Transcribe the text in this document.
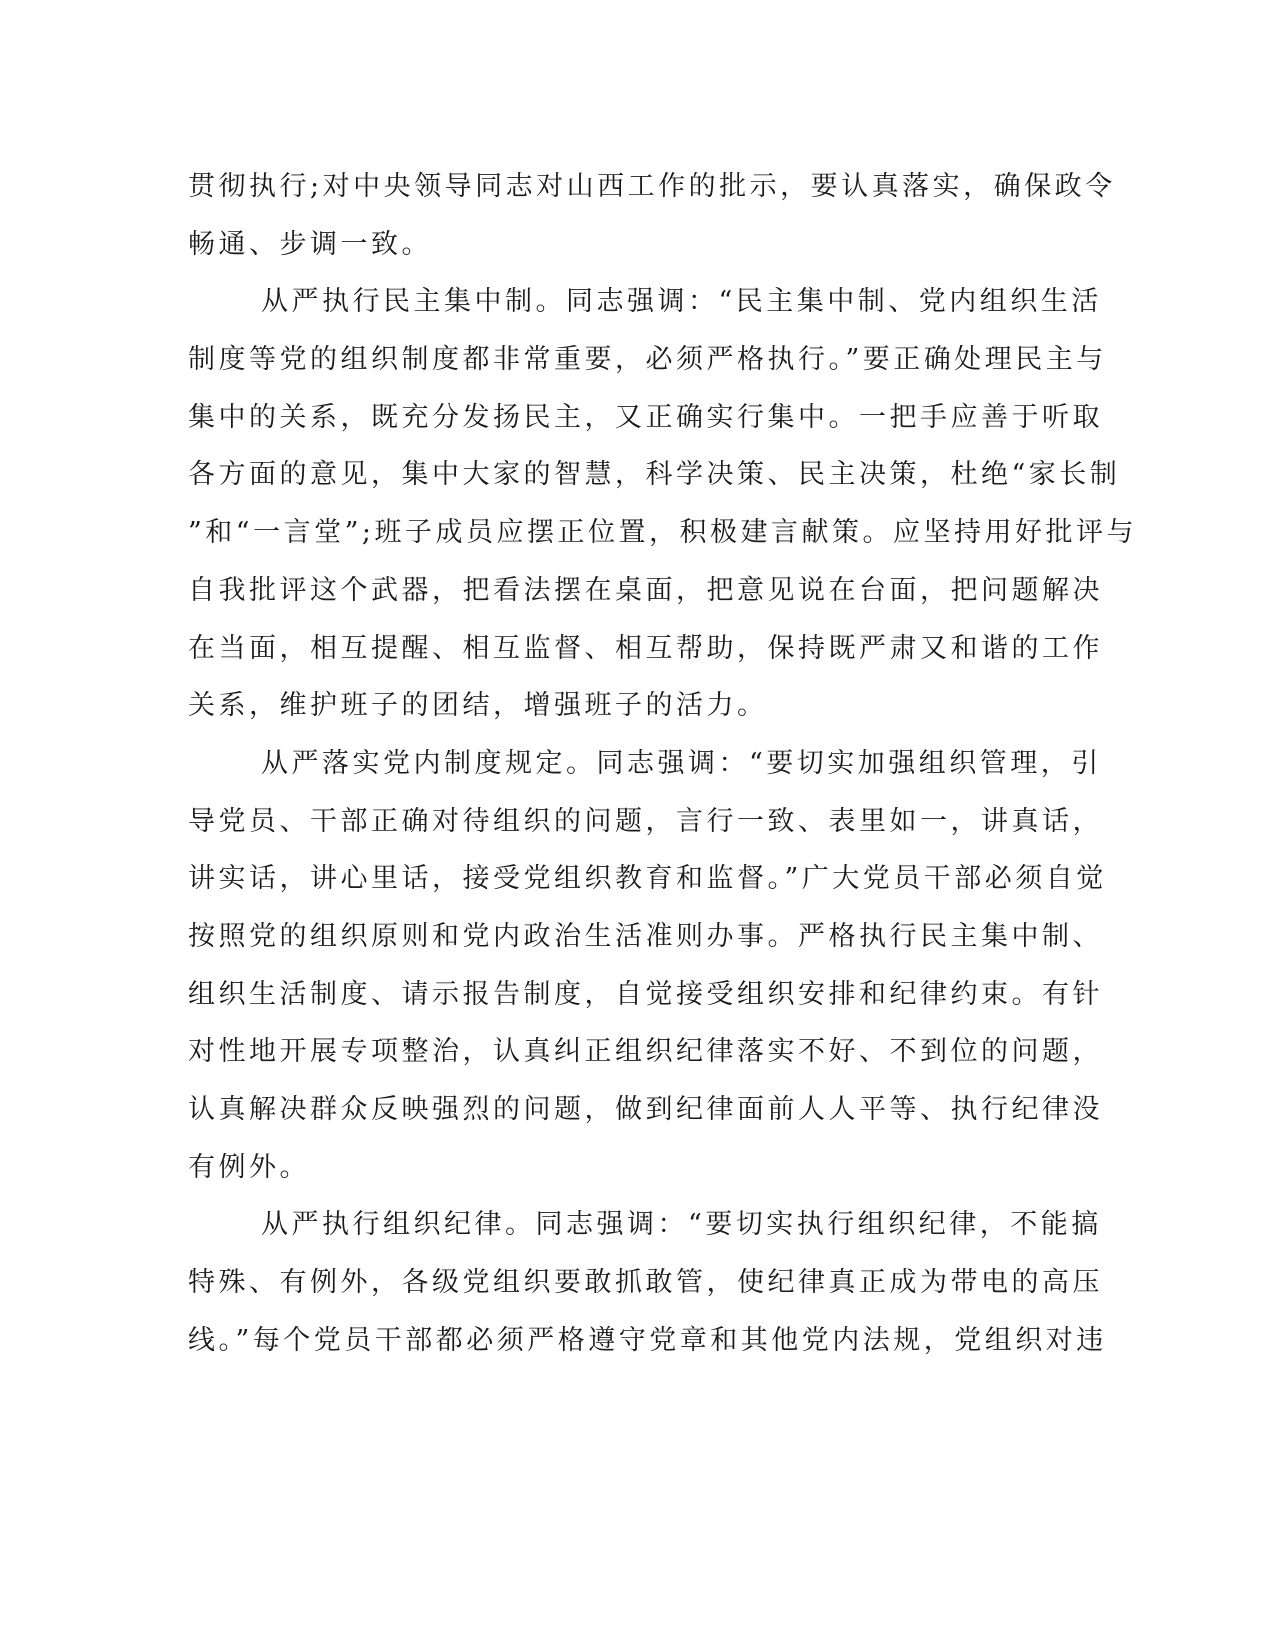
贯彻执行;对中央领导同志对山西工作的批示，要认真落实，确保政令
畅通、步调一致。
从严执行民主集中制。同志强调：“民主集中制、党内组织生活
制度等党的组织制度都非常重要，必须严格执行。”要正确处理民主与
集中的关系，既充分发扬民主，又正确实行集中。一把手应善于听取
各方面的意见，集中大家的智慧，科学决策、民主决策，杜绝“家长制
”和“一言堂”;班子成员应摆正位置，积极建言献策。应坚持用好批评与
自我批评这个武器，把看法摆在桌面，把意见说在台面，把问题解决
在当面，相互提醒、相互监督、相互帮助，保持既严肃又和谐的工作
关系，维护班子的团结，增强班子的活力。
从严落实党内制度规定。同志强调：“要切实加强组织管理，引
导党员、干部正确对待组织的问题，言行一致、表里如一，讲真话，
讲实话，讲心里话，接受党组织教育和监督。”广大党员干部必须自觉
按照党的组织原则和党内政治生活准则办事。严格执行民主集中制、
组织生活制度、请示报告制度，自觉接受组织安排和纪律约束。有针
对性地开展专项整治，认真纠正组织纪律落实不好、不到位的问题，
认真解决群众反映强烈的问题，做到纪律面前人人平等、执行纪律没
有例外。
从严执行组织纪律。同志强调：“要切实执行组织纪律，不能搞
特殊、有例外，各级党组织要敢抓敢管，使纪律真正成为带电的高压
线。”每个党员干部都必须严格遵守党章和其他党内法规，党组织对违
